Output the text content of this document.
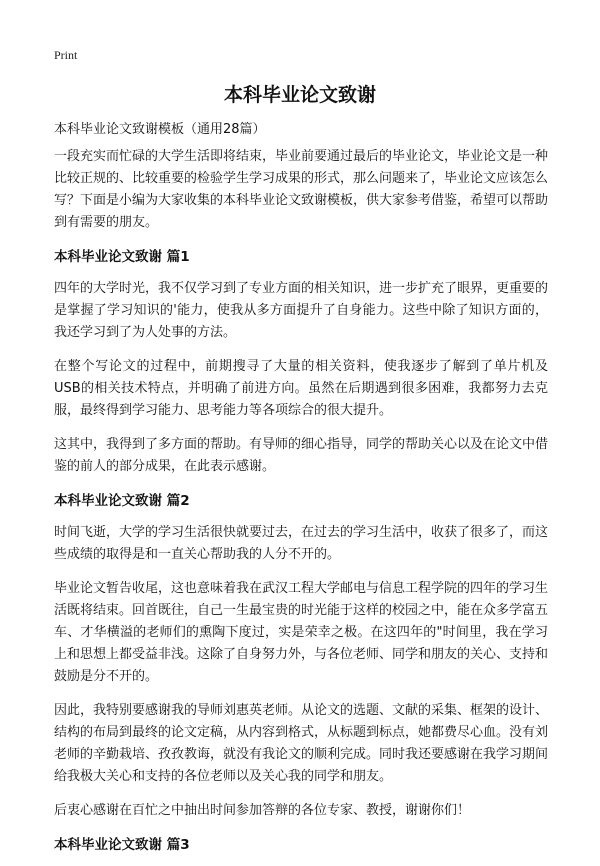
Print
本科毕业论文致谢

本科毕业论文致谢模板（通用28篇）

一段充实而忙碌的大学生活即将结束，毕业前要通过最后的毕业论文，毕业论文是一种比较正规的、比较重要的检验学生学习成果的形式，那么问题来了，毕业论文应该怎么写？下面是小编为大家收集的本科毕业论文致谢模板，供大家参考借鉴，希望可以帮助到有需要的朋友。

本科毕业论文致谢 篇1

四年的大学时光，我不仅学习到了专业方面的相关知识，进一步扩充了眼界，更重要的是掌握了学习知识的'能力，使我从多方面提升了自身能力。这些中除了知识方面的，我还学习到了为人处事的方法。

在整个写论文的过程中，前期搜寻了大量的相关资料，使我逐步了解到了单片机及USB的相关技术特点，并明确了前进方向。虽然在后期遇到很多困难，我都努力去克服，最终得到学习能力、思考能力等各项综合的很大提升。

这其中，我得到了多方面的帮助。有导师的细心指导，同学的帮助关心以及在论文中借鉴的前人的部分成果，在此表示感谢。

本科毕业论文致谢 篇2

时间飞逝，大学的学习生活很快就要过去，在过去的学习生活中，收获了很多了，而这些成绩的取得是和一直关心帮助我的人分不开的。

毕业论文暂告收尾，这也意味着我在武汉工程大学邮电与信息工程学院的四年的学习生活既将结束。回首既往，自己一生最宝贵的时光能于这样的校园之中，能在众多学富五车、才华横溢的老师们的熏陶下度过，实是荣幸之极。在这四年的"时间里，我在学习上和思想上都受益非浅。这除了自身努力外，与各位老师、同学和朋友的关心、支持和鼓励是分不开的。

因此，我特别要感谢我的导师刘惠英老师。从论文的选题、文献的采集、框架的设计、结构的布局到最终的论文定稿，从内容到格式，从标题到标点，她都费尽心血。没有刘老师的辛勤栽培、孜孜教诲，就没有我论文的顺利完成。同时我还要感谢在我学习期间给我极大关心和支持的各位老师以及关心我的同学和朋友。

后衷心感谢在百忙之中抽出时间参加答辩的各位专家、教授，谢谢你们！

本科毕业论文致谢 篇3
